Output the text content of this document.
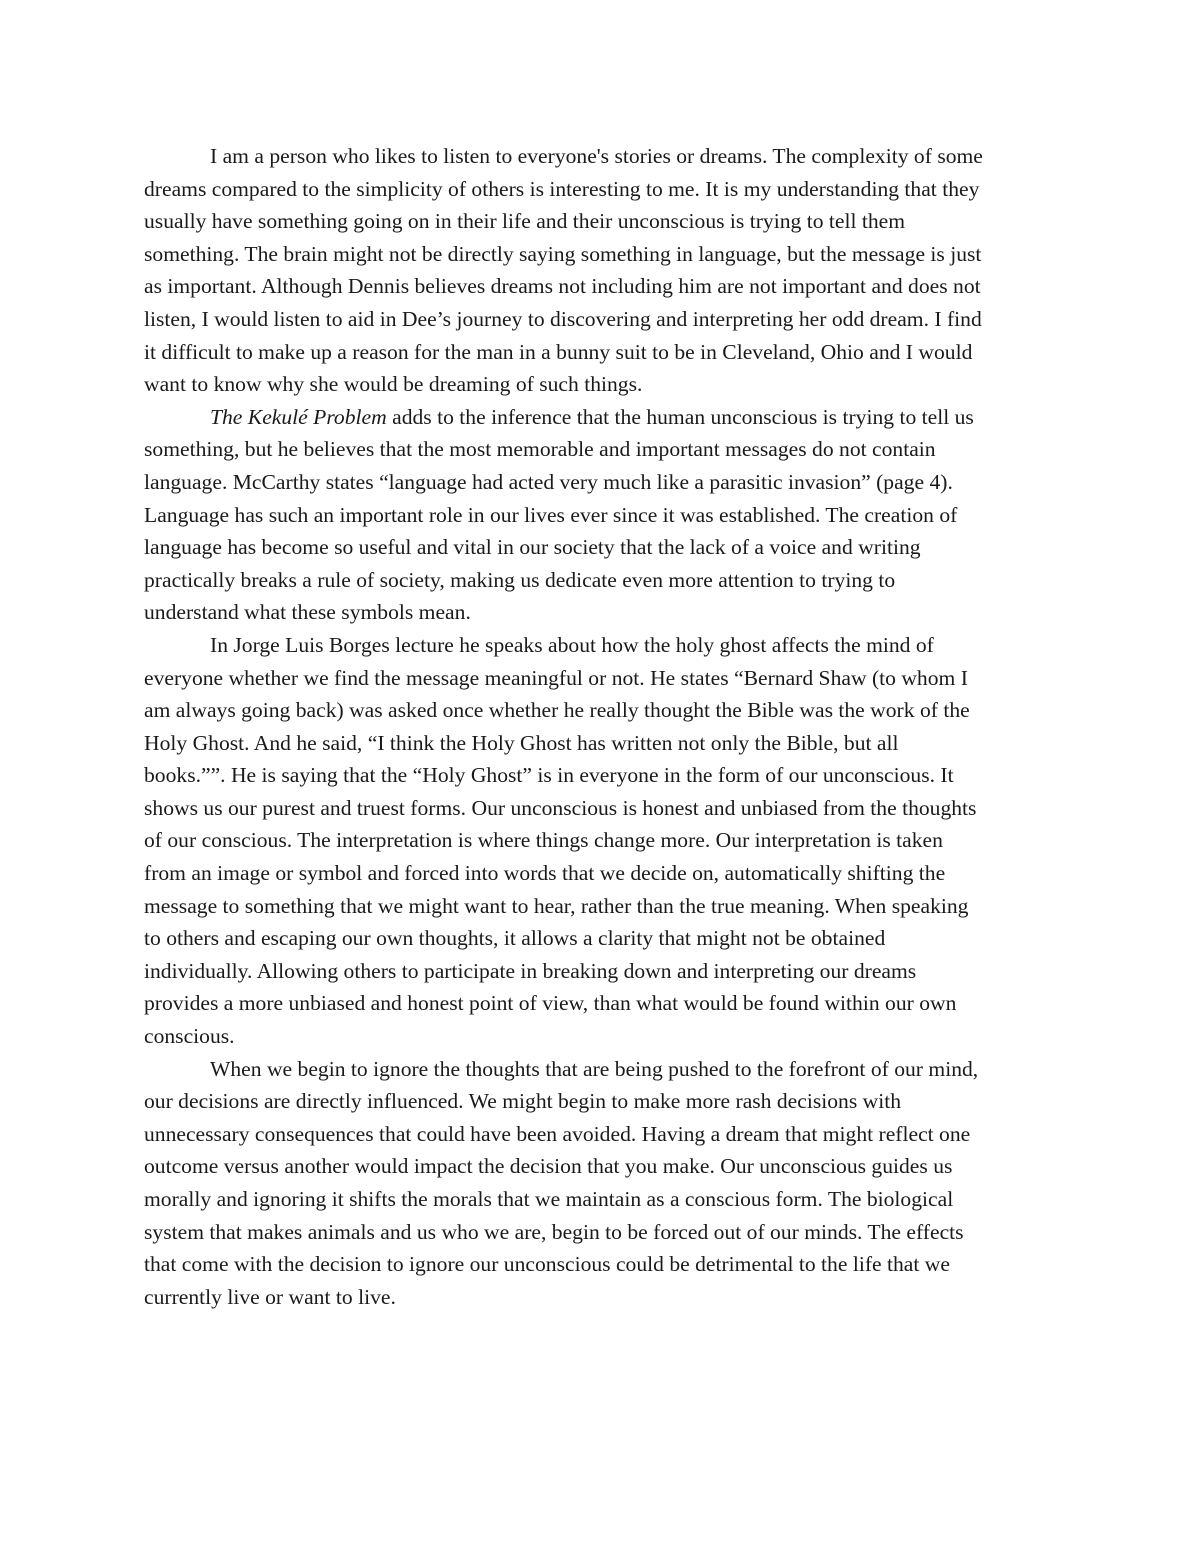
I am a person who likes to listen to everyone's stories or dreams. The complexity of some
dreams compared to the simplicity of others is interesting to me. It is my understanding that they
usually have something going on in their life and their unconscious is trying to tell them
something. The brain might not be directly saying something in language, but the message is just
as important. Although Dennis believes dreams not including him are not important and does not
listen, I would listen to aid in Dee’s journey to discovering and interpreting her odd dream. I find
it difficult to make up a reason for the man in a bunny suit to be in Cleveland, Ohio and I would
want to know why she would be dreaming of such things.
The Kekulé Problem adds to the inference that the human unconscious is trying to tell us
something, but he believes that the most memorable and important messages do not contain
language. McCarthy states “language had acted very much like a parasitic invasion” (page 4).
Language has such an important role in our lives ever since it was established. The creation of
language has become so useful and vital in our society that the lack of a voice and writing
practically breaks a rule of society, making us dedicate even more attention to trying to
understand what these symbols mean.
In Jorge Luis Borges lecture he speaks about how the holy ghost affects the mind of
everyone whether we find the message meaningful or not. He states “Bernard Shaw (to whom I
am always going back) was asked once whether he really thought the Bible was the work of the
Holy Ghost. And he said, “I think the Holy Ghost has written not only the Bible, but all
books.””. He is saying that the “Holy Ghost” is in everyone in the form of our unconscious. It
shows us our purest and truest forms. Our unconscious is honest and unbiased from the thoughts
of our conscious. The interpretation is where things change more. Our interpretation is taken
from an image or symbol and forced into words that we decide on, automatically shifting the
message to something that we might want to hear, rather than the true meaning. When speaking
to others and escaping our own thoughts, it allows a clarity that might not be obtained
individually. Allowing others to participate in breaking down and interpreting our dreams
provides a more unbiased and honest point of view, than what would be found within our own
conscious.
When we begin to ignore the thoughts that are being pushed to the forefront of our mind,
our decisions are directly influenced. We might begin to make more rash decisions with
unnecessary consequences that could have been avoided. Having a dream that might reflect one
outcome versus another would impact the decision that you make. Our unconscious guides us
morally and ignoring it shifts the morals that we maintain as a conscious form. The biological
system that makes animals and us who we are, begin to be forced out of our minds. The effects
that come with the decision to ignore our unconscious could be detrimental to the life that we
currently live or want to live.
